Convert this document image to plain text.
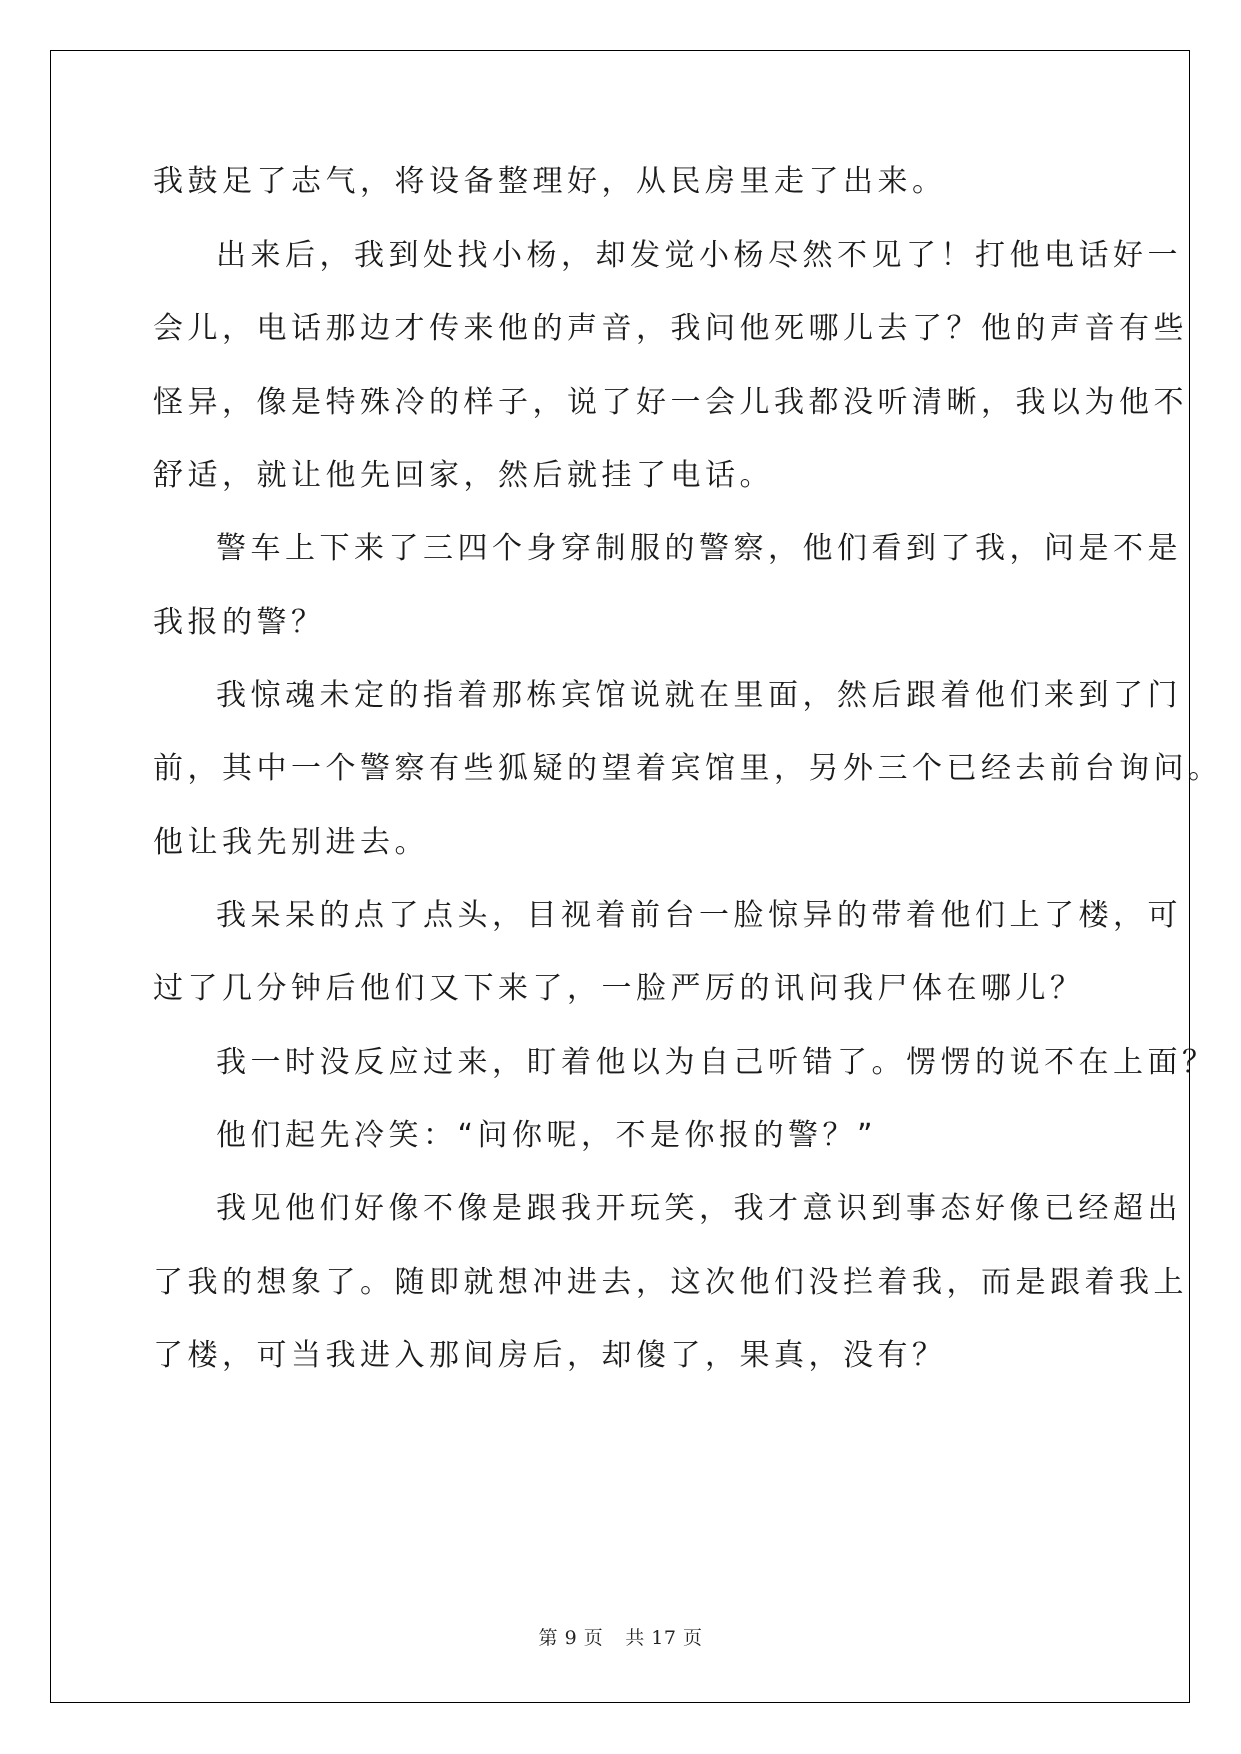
我鼓足了志气，将设备整理好，从民房里走了出来。
出来后，我到处找小杨，却发觉小杨尽然不见了！打他电话好一
会儿，电话那边才传来他的声音，我问他死哪儿去了？他的声音有些
怪异，像是特殊冷的样子，说了好一会儿我都没听清晰，我以为他不
舒适，就让他先回家，然后就挂了电话。
警车上下来了三四个身穿制服的警察，他们看到了我，问是不是
我报的警？
我惊魂未定的指着那栋宾馆说就在里面，然后跟着他们来到了门
前，其中一个警察有些狐疑的望着宾馆里，另外三个已经去前台询问。
他让我先别进去。
我呆呆的点了点头，目视着前台一脸惊异的带着他们上了楼，可
过了几分钟后他们又下来了，一脸严厉的讯问我尸体在哪儿？
我一时没反应过来，盯着他以为自己听错了。愣愣的说不在上面？
他们起先冷笑：“问你呢，不是你报的警？”
我见他们好像不像是跟我开玩笑，我才意识到事态好像已经超出
了我的想象了。随即就想冲进去，这次他们没拦着我，而是跟着我上
了楼，可当我进入那间房后，却傻了，果真，没有？
第 9 页 共 17 页
